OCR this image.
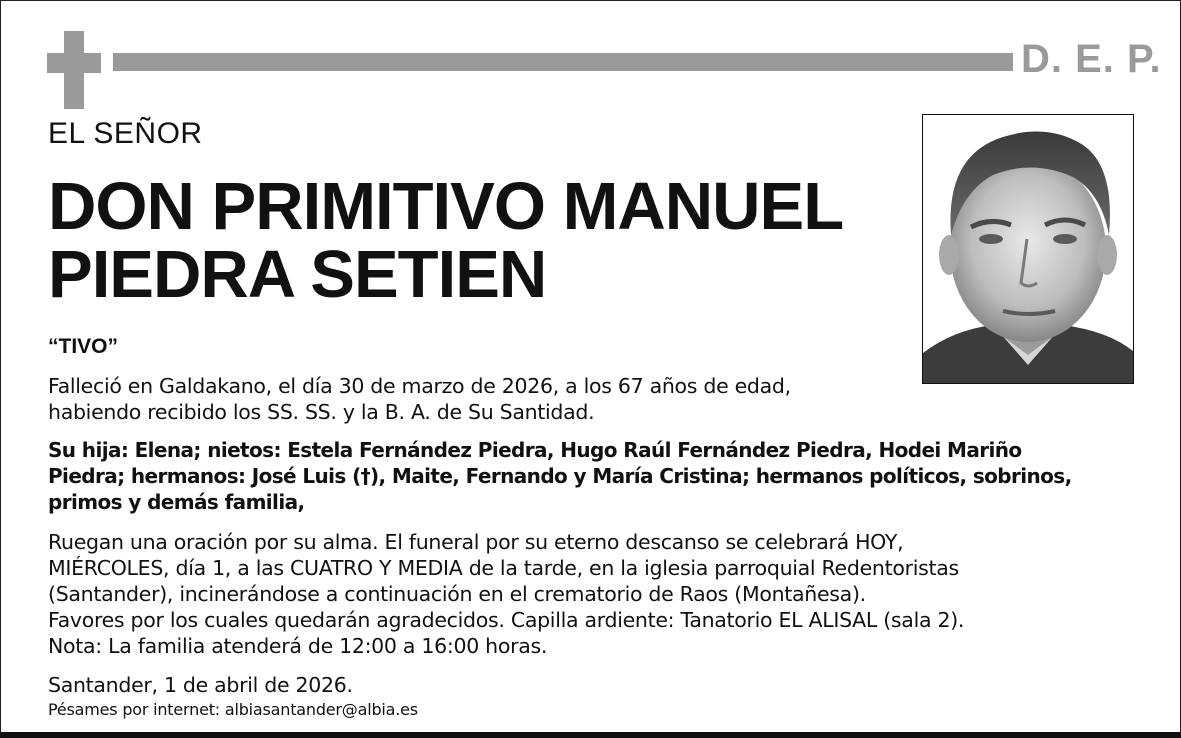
D. E. P.
EL SEÑOR
DON PRIMITIVO MANUEL
PIEDRA SETIEN
“TIVO”
Falleció en Galdakano, el día 30 de marzo de 2026, a los 67 años de edad,
habiendo recibido los SS. SS. y la B. A. de Su Santidad.
Su hija: Elena; nietos: Estela Fernández Piedra, Hugo Raúl Fernández Piedra, Hodei Mariño
Piedra; hermanos: José Luis (†), Maite, Fernando y María Cristina; hermanos políticos, sobrinos,
primos y demás familia,
Ruegan una oración por su alma. El funeral por su eterno descanso se celebrará HOY,
MIÉRCOLES, día 1, a las CUATRO Y MEDIA de la tarde, en la iglesia parroquial Redentoristas
(Santander), incinerándose a continuación en el crematorio de Raos (Montañesa).
Favores por los cuales quedarán agradecidos. Capilla ardiente: Tanatorio EL ALISAL (sala 2).
Nota: La familia atenderá de 12:00 a 16:00 horas.
Santander, 1 de abril de 2026.
Pésames por internet: albiasantander@albia.es
